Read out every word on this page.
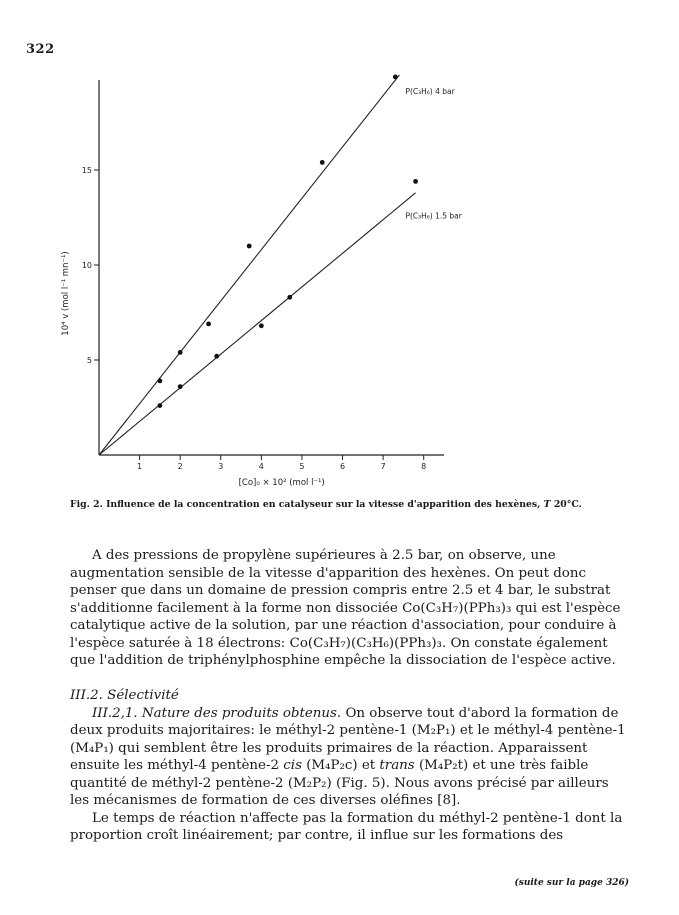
322
1	2	3	4	5	6	7	8
5
10
15
[Co]₀ × 10² (mol l⁻¹)
10⁴ v (mol l⁻¹ mn⁻¹)
P(C₃H₆) 4 bar
P(C₃H₆) 1.5 bar
Fig. 2. Influence de la concentration en catalyseur sur la vitesse d'apparition des hexènes, T 20°C.

A des pressions de propylène supérieures à 2.5 bar, on observe, une augmentation sensible de la vitesse d'apparition des hexènes. On peut donc penser que dans un domaine de pression compris entre 2.5 et 4 bar, le substrat s'additionne facilement à la forme non dissociée Co(C₃H₇)(PPh₃)₃ qui est l'espèce catalytique active de la solution, par une réaction d'association, pour conduire à l'espèce saturée à 18 électrons: Co(C₃H₇)(C₃H₆)(PPh₃)₃. On constate également que l'addition de triphénylphosphine empêche la dissociation de l'espèce active.

III.2. Sélectivité

III.2,1. Nature des produits obtenus. On observe tout d'abord la formation de deux produits majoritaires: le méthyl-2 pentène-1 (M₂P₁) et le méthyl-4 pentène-1 (M₄P₁) qui semblent être les produits primaires de la réaction. Apparaissent ensuite les méthyl-4 pentène-2 cis (M₄P₂c) et trans (M₄P₂t) et une très faible quantité de méthyl-2 pentène-2 (M₂P₂) (Fig. 5). Nous avons précisé par ailleurs les mécanismes de formation de ces diverses oléfines [8].

Le temps de réaction n'affecte pas la formation du méthyl-2 pentène-1 dont la proportion croît linéairement; par contre, il influe sur les formations des

(suite sur la page 326)
